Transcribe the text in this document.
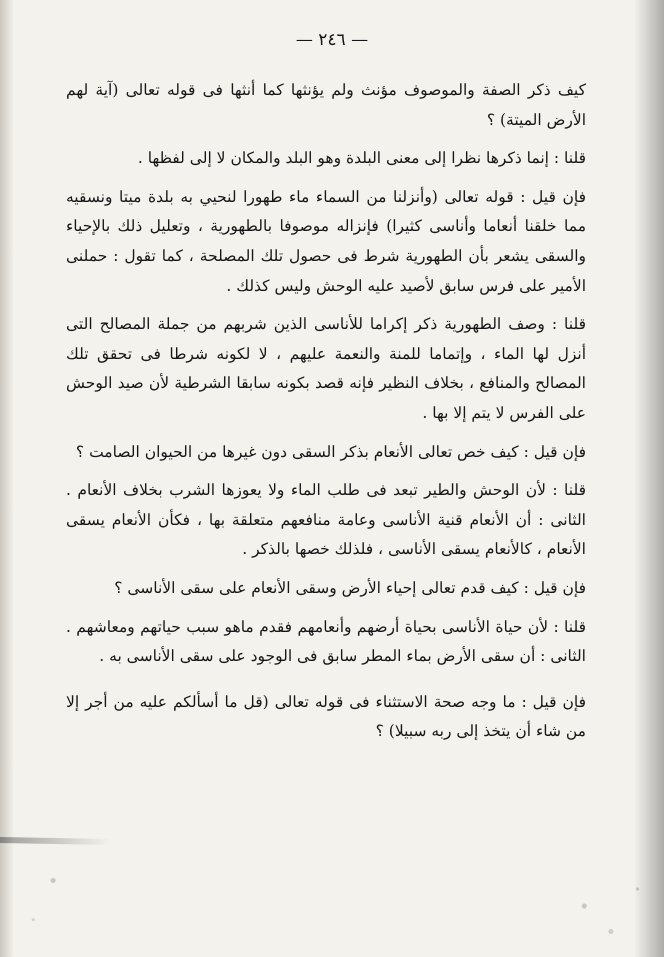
— ٢٤٦ —

كيف ذكر الصفة والموصوف مؤنث ولم يؤنثها كما أنثها فى قوله تعالى (آية لهم الأرض الميتة) ؟

قلنا : إنما ذكرها نظرا إلى معنى البلدة وهو البلد والمكان لا إلى لفظها .

فإن قيل : قوله تعالى (وأنزلنا من السماء ماء طهورا لنحيي به بلدة ميتا ونسقيه مما خلقنا أنعاما وأناسى كثيرا) فإنزاله موصوفا بالطهورية ، وتعليل ذلك بالإحياء والسقى يشعر بأن الطهورية شرط فى حصول تلك المصلحة ، كما تقول : حملنى الأمير على فرس سابق لأصيد عليه الوحش وليس كذلك .

قلنا : وصف الطهورية ذكر إكراما للأناسى الذين شربهم من جملة المصالح التى أنزل لها الماء ، وإتماما للمنة والنعمة عليهم ، لا لكونه شرطا فى تحقق تلك المصالح والمنافع ، بخلاف النظير فإنه قصد بكونه سابقا الشرطية لأن صيد الوحش على الفرس لا يتم إلا بها .

فإن قيل : كيف خص تعالى الأنعام بذكر السقى دون غيرها من الحيوان الصامت ؟

قلنا : لأن الوحش والطير تبعد فى طلب الماء ولا يعوزها الشرب بخلاف الأنعام . الثانى : أن الأنعام قنية الأناسى وعامة منافعهم متعلقة بها ، فكأن الأنعام يسقى الأنعام ، كالأنعام يسقى الأناسى ، فلذلك خصها بالذكر .

فإن قيل : كيف قدم تعالى إحياء الأرض وسقى الأنعام على سقى الأناسى ؟

قلنا : لأن حياة الأناسى بحياة أرضهم وأنعامهم فقدم ماهو سبب حياتهم ومعاشهم . الثانى : أن سقى الأرض بماء المطر سابق فى الوجود على سقى الأناسى به .

فإن قيل : ما وجه صحة الاستثناء فى قوله تعالى (قل ما أسألكم عليه من أجر إلا من شاء أن يتخذ إلى ربه سبيلا) ؟
